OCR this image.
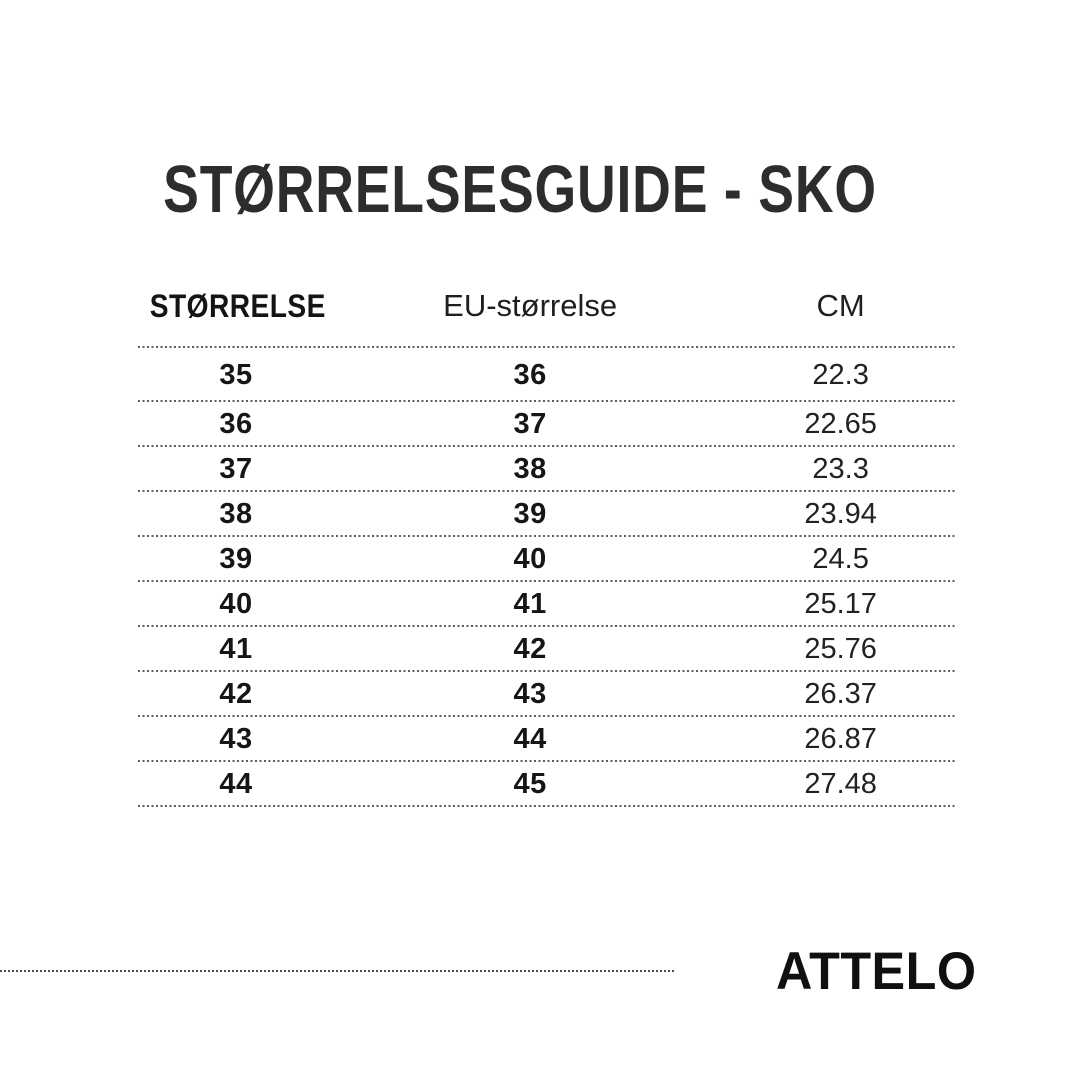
STØRRELSESGUIDE - SKO
STØRRELSE	EU-størrelse	CM
35	36	22.3
36	37	22.65
37	38	23.3
38	39	23.94
39	40	24.5
40	41	25.17
41	42	25.76
42	43	26.37
43	44	26.87
44	45	27.48
ATTELO
